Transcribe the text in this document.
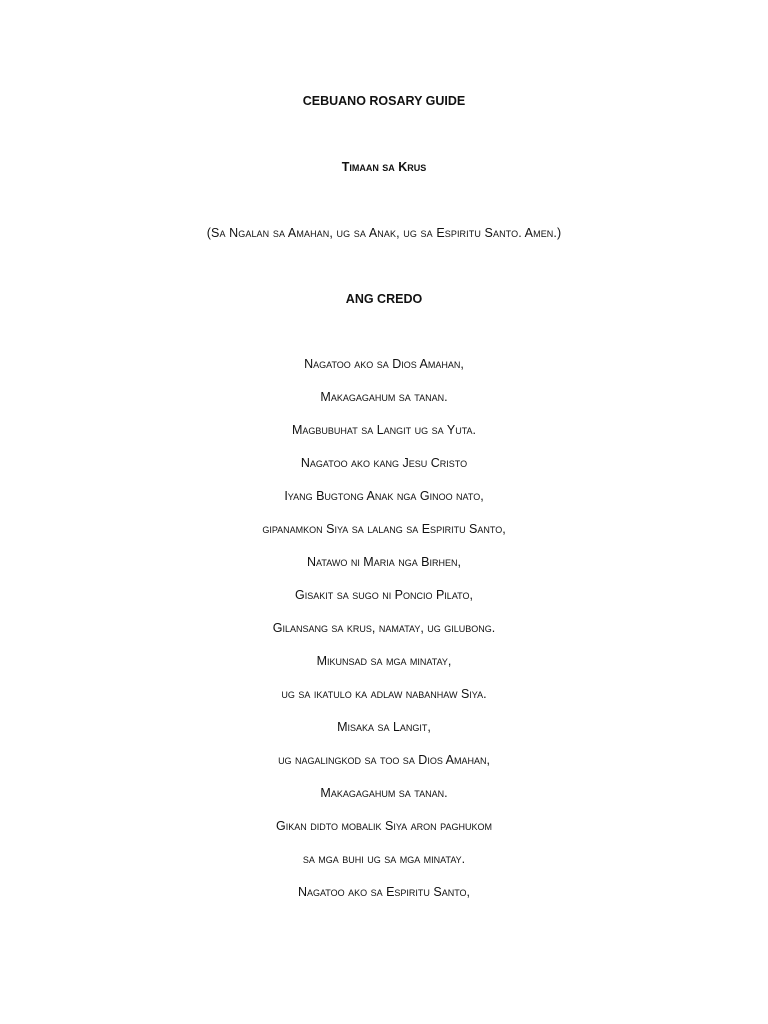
CEBUANO ROSARY GUIDE
Timaan sa Krus
(Sa Ngalan sa Amahan, ug sa Anak, ug sa Espiritu Santo. Amen.)
ANG CREDO
Nagatoo ako sa Dios Amahan,
Makagagahum sa tanan.
Magbubuhat sa Langit ug sa Yuta.
Nagatoo ako kang Jesu Cristo
Iyang Bugtong Anak nga Ginoo nato,
gipanamkon Siya sa lalang sa Espiritu Santo,
Natawo ni Maria nga Birhen,
Gisakit sa sugo ni Poncio Pilato,
Gilansang sa krus, namatay, ug gilubong.
Mikunsad sa mga minatay,
ug sa ikatulo ka adlaw nabanhaw Siya.
Misaka sa Langit,
ug nagalingkod sa too sa Dios Amahan,
Makagagahum sa tanan.
Gikan didto mobalik Siya aron paghukom
sa mga buhi ug sa mga minatay.
Nagatoo ako sa Espiritu Santo,
